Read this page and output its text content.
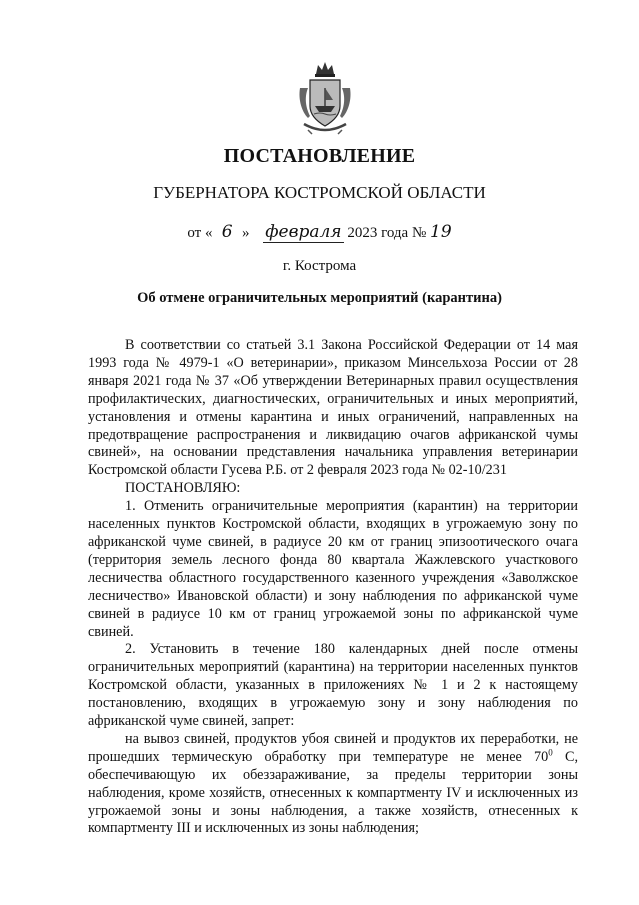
ПОСТАНОВЛЕНИЕ
ГУБЕРНАТОРА КОСТРОМСКОЙ ОБЛАСТИ
от « 6 » февраля 2023 года № 19
г. Кострома
Об отмене ограничительных мероприятий (карантина)

В соответствии со статьей 3.1 Закона Российской Федерации от 14 мая 1993 года № 4979-1 «О ветеринарии», приказом Минсельхоза России от 28 января 2021 года № 37 «Об утверждении Ветеринарных правил осуществления профилактических, диагностических, ограничительных и иных мероприятий, установления и отмены карантина и иных ограничений, направленных на предотвращение распространения и ликвидацию очагов африканской чумы свиней», на основании представления начальника управления ветеринарии Костромской области Гусева Р.Б. от 2 февраля 2023 года № 02-10/231

ПОСТАНОВЛЯЮ:

1. Отменить ограничительные мероприятия (карантин) на территории населенных пунктов Костромской области, входящих в угрожаемую зону по африканской чуме свиней, в радиусе 20 км от границ эпизоотического очага (территория земель лесного фонда 80 квартала Жажлевского участкового лесничества областного государственного казенного учреждения «Заволжское лесничество» Ивановской области) и зону наблюдения по африканской чуме свиней в радиусе 10 км от границ угрожаемой зоны по африканской чуме свиней.

2. Установить в течение 180 календарных дней после отмены ограничительных мероприятий (карантина) на территории населенных пунктов Костромской области, указанных в приложениях № 1 и 2 к настоящему постановлению, входящих в угрожаемую зону и зону наблюдения по африканской чуме свиней, запрет:

на вывоз свиней, продуктов убоя свиней и продуктов их переработки, не прошедших термическую обработку при температуре не менее $70^0$ С, обеспечивающую их обеззараживание, за пределы территории зоны наблюдения, кроме хозяйств, отнесенных к компартменту IV и исключенных из угрожаемой зоны и зоны наблюдения, а также хозяйств, отнесенных к компартменту III и исключенных из зоны наблюдения;
